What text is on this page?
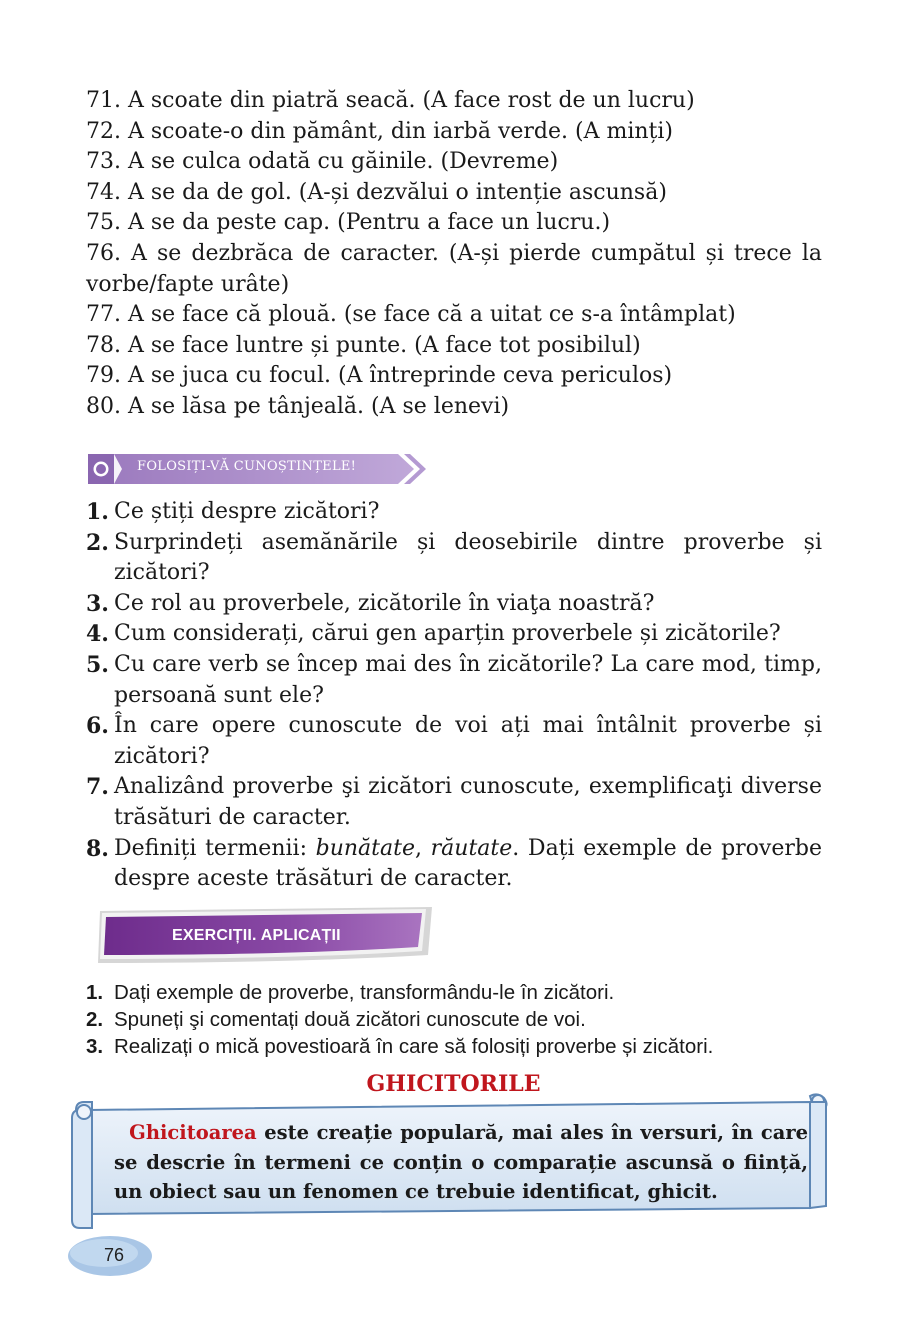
71. A scoate din piatră seacă. (A face rost de un lucru)

72. A scoate-o din pământ, din iarbă verde. (A minți)

73. A se culca odată cu găinile. (Devreme)

74. A se da de gol. (A-și dezvălui o intenție ascunsă)

75. A se da peste cap. (Pentru a face un lucru.)

76. A se dezbrăca de caracter. (A-și pierde cumpătul și trece la vorbe/fapte urâte)

77. A se face că plouă. (se face că a uitat ce s-a întâmplat)

78. A se face luntre și punte. (A face tot posibilul)

79. A se juca cu focul. (A întreprinde ceva periculos)

80. A se lăsa pe tânjeală. (A se lenevi)

FOLOSIȚI-VĂ CUNOȘTINȚELE!
1. Ce știți despre zicători?
2. Surprindeți asemănările și deosebirile dintre proverbe și zicători?
3. Ce rol au proverbele, zicătorile în viaţa noastră?
4. Cum considerați, cărui gen aparțin proverbele și zicătorile?
5. Cu care verb se încep mai des în zicătorile? La care mod, timp, persoană sunt ele?
6. În care opere cunoscute de voi ați mai întâlnit proverbe și zicători?
7. Analizând proverbe şi zicători cunoscute, exemplificaţi diverse trăsături de caracter.
8. Definiți termenii: bunătate, răutate. Dați exemple de proverbe despre aceste trăsături de caracter.
EXERCIȚII. APLICAȚII
1. Dați exemple de proverbe, transformându-le în zicători.
2. Spuneți şi comentați două zicători cunoscute de voi.
3. Realizați o mică povestioară în care să folosiți proverbe și zicători.
GHICITORILE
Ghicitoarea este creație populară, mai ales în versuri, în care se descrie în termeni ce conțin o comparație ascunsă o ființă, un obiect sau un fenomen ce trebuie identificat, ghicit.
76
